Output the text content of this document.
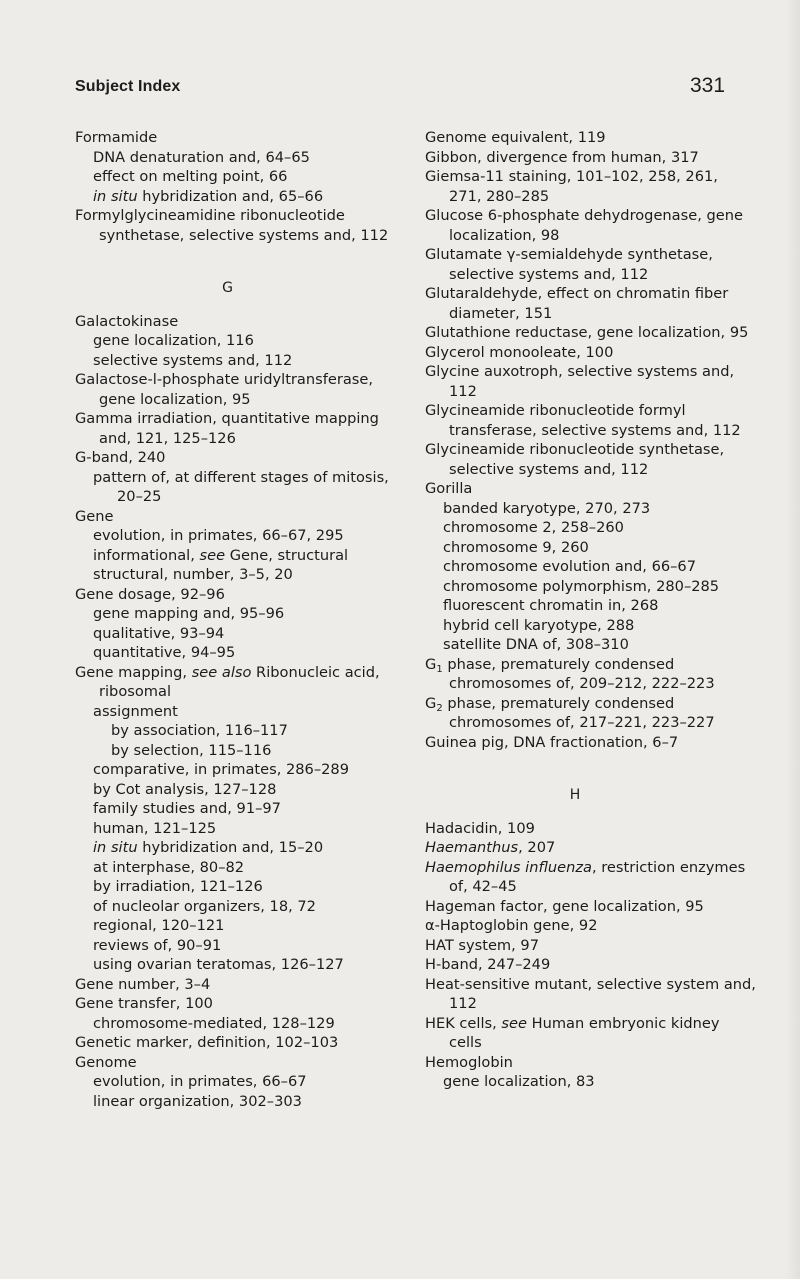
Subject Index	331
Formamide
DNA denaturation and, 64–65
effect on melting point, 66
in situ hybridization and, 65–66
Formylglycineamidine ribonucleotide
synthetase, selective systems and, 112
G
Galactokinase
gene localization, 116
selective systems and, 112
Galactose-l-phosphate uridyltransferase,
gene localization, 95
Gamma irradiation, quantitative mapping
and, 121, 125–126
G-band, 240
pattern of, at different stages of mitosis,
20–25
Gene
evolution, in primates, 66–67, 295
informational, see Gene, structural
structural, number, 3–5, 20
Gene dosage, 92–96
gene mapping and, 95–96
qualitative, 93–94
quantitative, 94–95
Gene mapping, see also Ribonucleic acid,
ribosomal
assignment
by association, 116–117
by selection, 115–116
comparative, in primates, 286–289
by Cot analysis, 127–128
family studies and, 91–97
human, 121–125
in situ hybridization and, 15–20
at interphase, 80–82
by irradiation, 121–126
of nucleolar organizers, 18, 72
regional, 120–121
reviews of, 90–91
using ovarian teratomas, 126–127
Gene number, 3–4
Gene transfer, 100
chromosome-mediated, 128–129
Genetic marker, definition, 102–103
Genome
evolution, in primates, 66–67
linear organization, 302–303
Genome equivalent, 119
Gibbon, divergence from human, 317
Giemsa-11 staining, 101–102, 258, 261,
271, 280–285
Glucose 6-phosphate dehydrogenase, gene
localization, 98
Glutamate γ-semialdehyde synthetase,
selective systems and, 112
Glutaraldehyde, effect on chromatin fiber
diameter, 151
Glutathione reductase, gene localization, 95
Glycerol monooleate, 100
Glycine auxotroph, selective systems and,
112
Glycineamide ribonucleotide formyl
transferase, selective systems and, 112
Glycineamide ribonucleotide synthetase,
selective systems and, 112
Gorilla
banded karyotype, 270, 273
chromosome 2, 258–260
chromosome 9, 260
chromosome evolution and, 66–67
chromosome polymorphism, 280–285
fluorescent chromatin in, 268
hybrid cell karyotype, 288
satellite DNA of, 308–310
$G_1$ phase, prematurely condensed
chromosomes of, 209–212, 222–223
$G_2$ phase, prematurely condensed
chromosomes of, 217–221, 223–227
Guinea pig, DNA fractionation, 6–7
H
Hadacidin, 109
Haemanthus, 207
Haemophilus influenza, restriction enzymes
of, 42–45
Hageman factor, gene localization, 95
α-Haptoglobin gene, 92
HAT system, 97
H-band, 247–249
Heat-sensitive mutant, selective system and,
112
HEK cells, see Human embryonic kidney
cells
Hemoglobin
gene localization, 83
